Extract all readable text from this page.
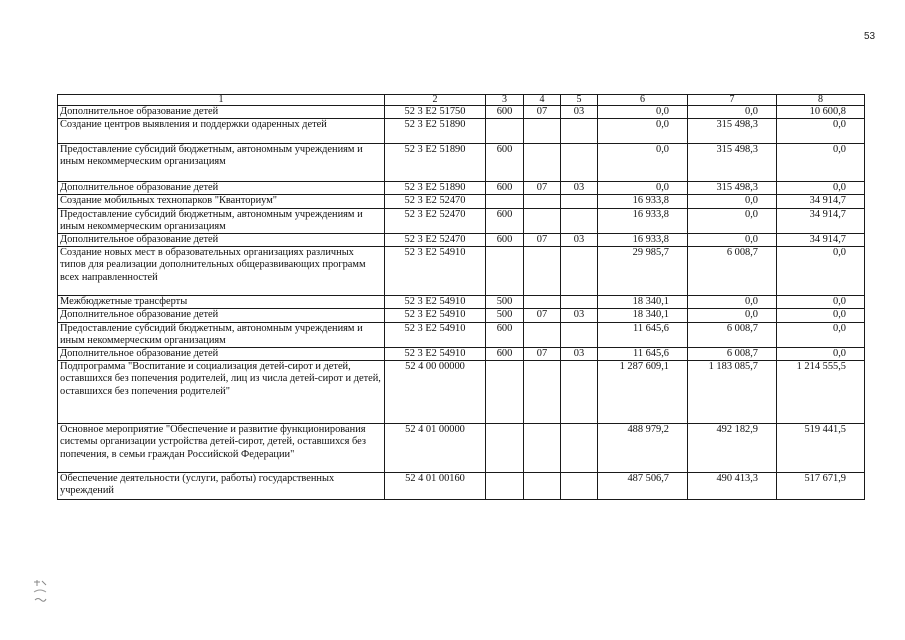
53
1	2	3	4	5	6	7	8
Дополнительное образование детей	52 3 E2 51750	600	07	03	0,0	0,0	10 600,8
Создание центров выявления и поддержки одаренных детей	52 3 E2 51890				0,0	315 498,3	0,0
Предоставление субсидий бюджетным, автономным учреждениям и иным некоммерческим организациям	52 3 E2 51890	600			0,0	315 498,3	0,0
Дополнительное образование детей	52 3 E2 51890	600	07	03	0,0	315 498,3	0,0
Создание мобильных технопарков "Кванториум"	52 3 E2 52470				16 933,8	0,0	34 914,7
Предоставление субсидий бюджетным, автономным учреждениям и иным некоммерческим организациям	52 3 E2 52470	600			16 933,8	0,0	34 914,7
Дополнительное образование детей	52 3 E2 52470	600	07	03	16 933,8	0,0	34 914,7
Создание новых мест в образовательных организациях различных типов для реализации дополнительных общеразвивающих программ всех направленностей	52 3 E2 54910				29 985,7	6 008,7	0,0
Межбюджетные трансферты	52 3 E2 54910	500			18 340,1	0,0	0,0
Дополнительное образование детей	52 3 E2 54910	500	07	03	18 340,1	0,0	0,0
Предоставление субсидий бюджетным, автономным учреждениям и иным некоммерческим организациям	52 3 E2 54910	600			11 645,6	6 008,7	0,0
Дополнительное образование детей	52 3 E2 54910	600	07	03	11 645,6	6 008,7	0,0
Подпрограмма "Воспитание и социализация детей-сирот и детей, оставшихся без попечения родителей, лиц из числа детей-сирот и детей, оставшихся без попечения родителей"	52 4 00 00000				1 287 609,1	1 183 085,7	1 214 555,5
Основное мероприятие "Обеспечение и развитие функционирования системы организации устройства детей-сирот, детей, оставшихся без попечения, в семьи граждан Российской Федерации"	52 4 01 00000				488 979,2	492 182,9	519 441,5
Обеспечение деятельности (услуги, работы) государственных учреждений	52 4 01 00160				487 506,7	490 413,3	517 671,9
